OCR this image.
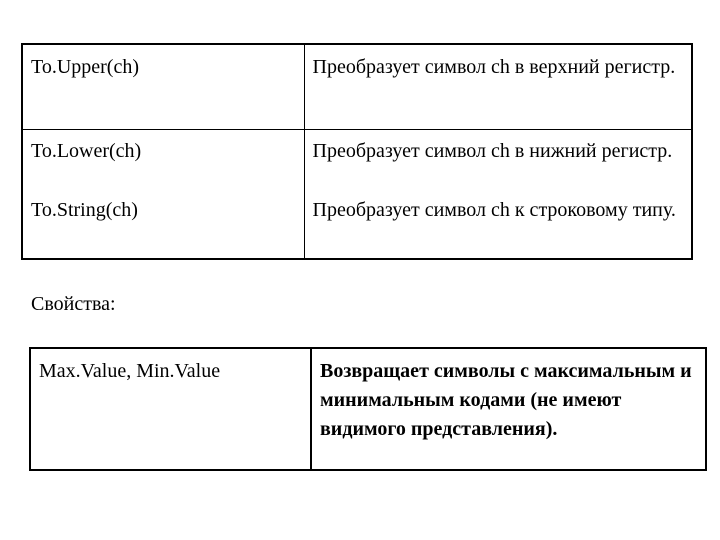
To.Upper(ch)	Преобразует символ ch в верхний регистр.
To.Lower(ch)	Преобразует символ ch в нижний регистр.
To.String(ch)	Преобразует символ ch к строковому типу.
Свойства:
Max.Value, Min.Value	Возвращает символы с максимальным и минимальным кодами (не имеют видимого представления).
